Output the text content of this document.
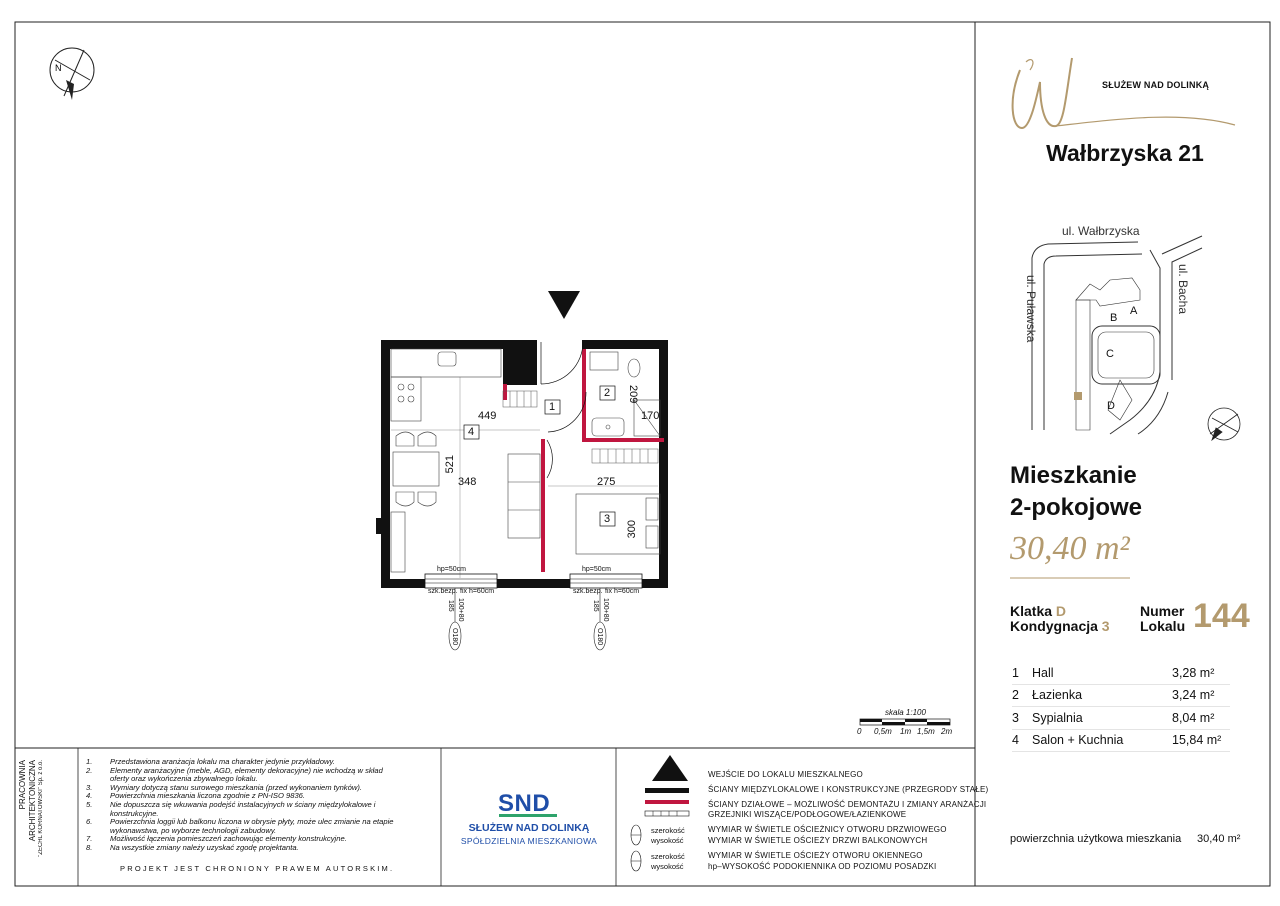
N
SŁUŻEW NAD DOLINKĄ
Wałbrzyska 21
ul. Wałbrzyska
ul. Puławska	ul. Bacha
A
B
C
D
Mieszkanie
2-pokojowe
30,40 m²
Klatka D
Kondygnacja 3
Numer
Lokalu 144
1	Hall	3,28 m²
2	Łazienka	3,24 m²
3	Sypialnia	8,04 m²
4	Salon + Kuchnia	15,84 m²
powierzchnia użytkowa mieszkania 30,40 m²
skala 1:100
0 0,5m 1m 1,5m 2m
1
2
3
4
449
521
348	275
300
170
209
hp=50cm	hp=50cm
szk.bezp.	szk.bezp.
fix h=60cm	fix h=60cm
100+80	100+80
185	185
O180	O180
PRACOWNIA ARCHITEKTONICZNA "ZECHL KORNATOWSKI" Sp. z o.o.	1.	Przedstawiona aranżacja lokalu ma charakter jedynie przykładowy.
2.	Elementy aranżacyjne (meble, AGD, elementy dekoracyjne) nie wchodzą w skład oferty oraz wykończenia zbywalnego lokalu.
3.	Wymiary dotyczą stanu surowego mieszkania (przed wykonaniem tynków).
4.	Powierzchnia mieszkania liczona zgodnie z PN-ISO 9836.
5.	Nie dopuszcza się wkuwania podejść instalacyjnych w ściany międzylokalowe i konstrukcyjne.
6.	Powierzchnia loggii lub balkonu liczona w obrysie płyty, może ulec zmianie na etapie wykonawstwa, po wyborze technologii zabudowy.
7.	Możliwość łączenia pomieszczeń zachowując elementy konstrukcyjne.
8.	Na wszystkie zmiany należy uzyskać zgodę projektanta.
PROJEKT JEST CHRONIONY PRAWEM AUTORSKIM.
SND
SŁUŻEW NAD DOLINKĄ
SPÓŁDZIELNIA MIESZKANIOWA
WEJŚCIE DO LOKALU MIESZKALNEGO
ŚCIANY MIĘDZYLOKALOWE I KONSTRUKCYJNE (PRZEGRODY STAŁE)
ŚCIANY DZIAŁOWE – MOŻLIWOŚĆ DEMONTAŻU I ZMIANY ARANŻACJI
GRZEJNIKI WISZĄCE/PODŁOGOWE/ŁAZIENKOWE
szerokość
wysokość
szerokość
wysokość
WYMIAR W ŚWIETLE OŚCIEŻNICY OTWORU DRZWIOWEGO
WYMIAR W ŚWIETLE OŚCIEŻY DRZWI BALKONOWYCH
WYMIAR W ŚWIETLE OŚCIEŻY OTWORU OKIENNEGO
hp–WYSOKOŚĆ PODOKIENNIKA OD POZIOMU POSADZKI
